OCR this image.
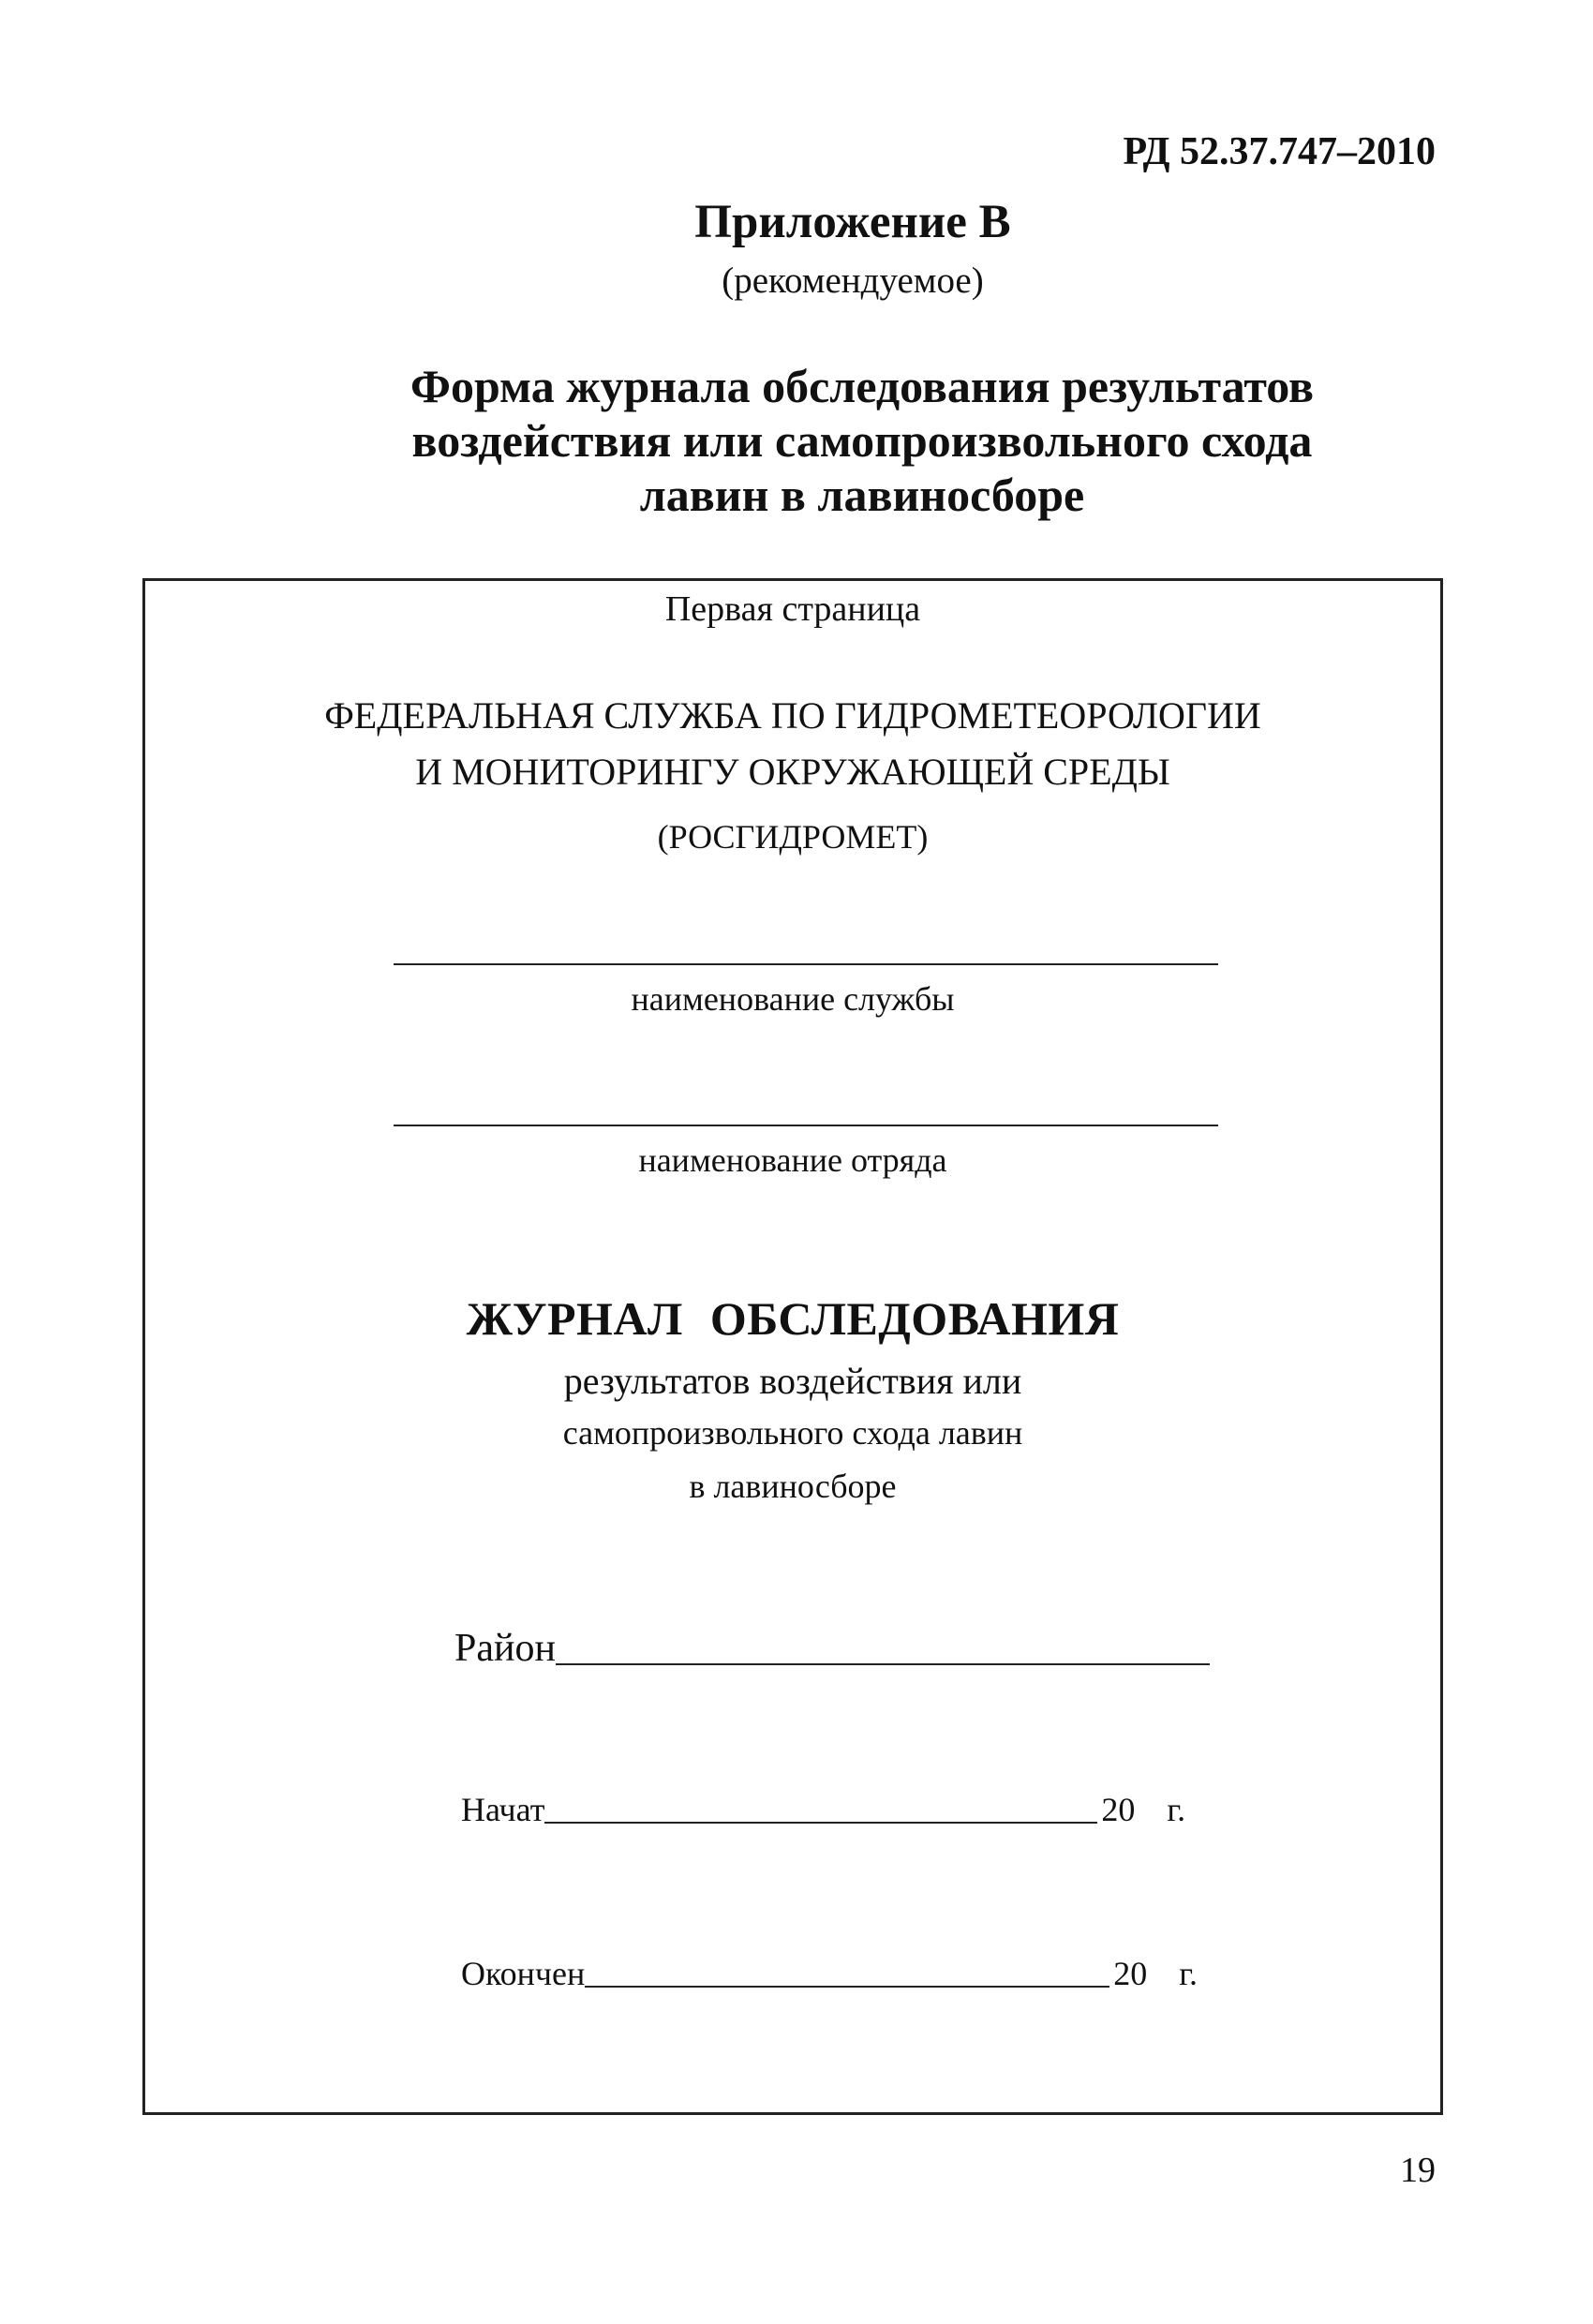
РД 52.37.747–2010
Приложение В
(рекомендуемое)
Форма журнала обследования результатов
воздействия или самопроизвольного схода
лавин в лавиносборе
Первая страница
ФЕДЕРАЛЬНАЯ СЛУЖБА ПО ГИДРОМЕТЕОРОЛОГИИ
И МОНИТОРИНГУ ОКРУЖАЮЩЕЙ СРЕДЫ
(РОСГИДРОМЕТ)
наименование службы
наименование отряда
ЖУРНАЛ ОБСЛЕДОВАНИЯ
результатов воздействия или
самопроизвольного схода лавин
в лавиносборе
Район
Начат	20 г.
Окончен	20 г.
19
